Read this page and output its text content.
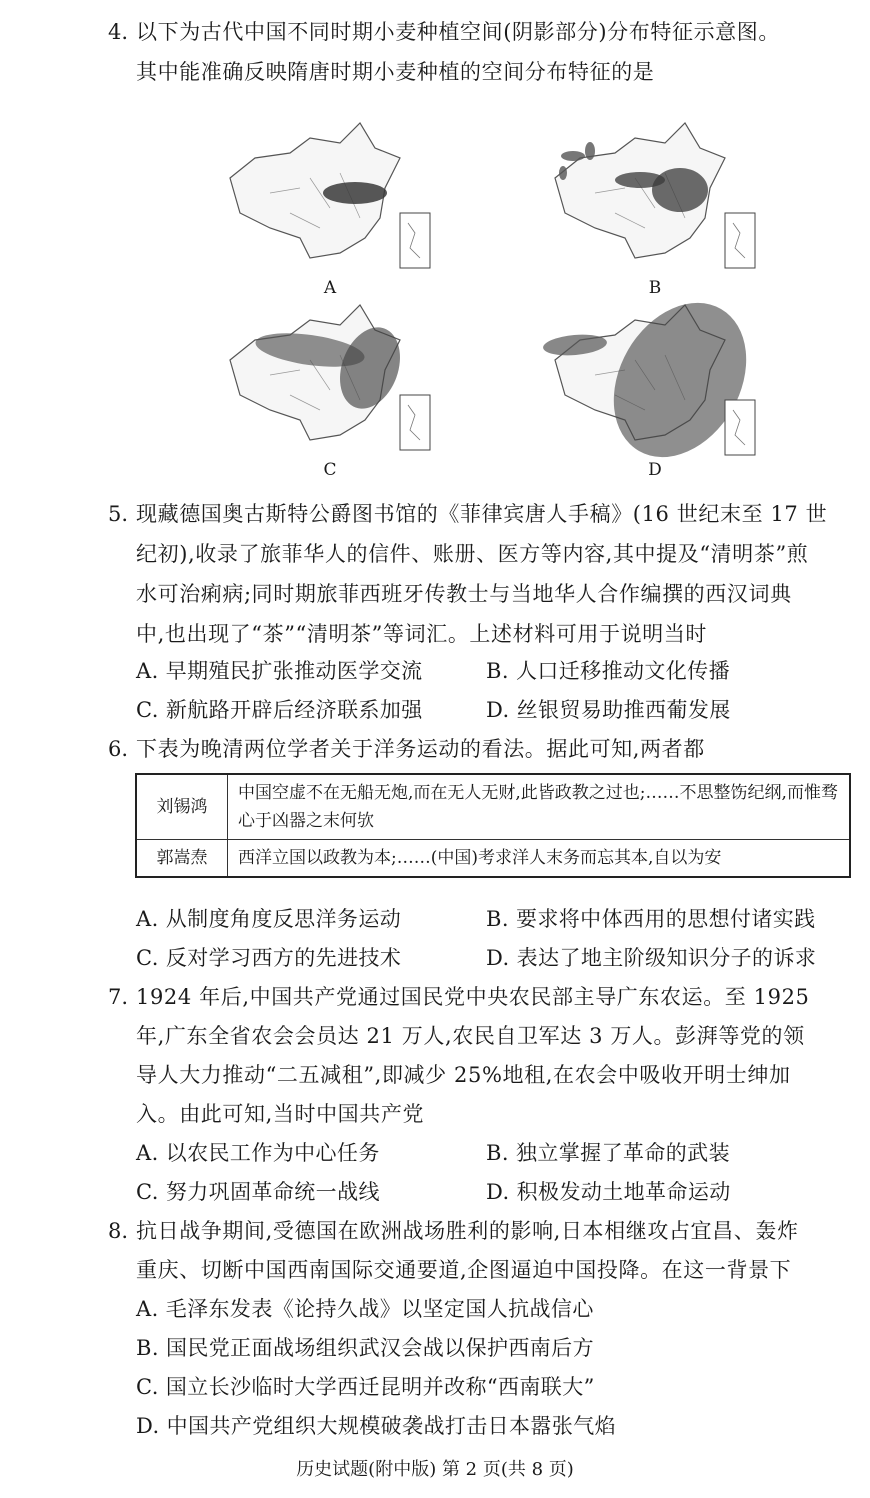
4. 以下为古代中国不同时期小麦种植空间(阴影部分)分布特征示意图。
其中能准确反映隋唐时期小麦种植的空间分布特征的是
A	B
C	D
5. 现藏德国奥古斯特公爵图书馆的《菲律宾唐人手稿》(16 世纪末至 17 世
纪初),收录了旅菲华人的信件、账册、医方等内容,其中提及“清明茶”煎
水可治痢病;同时期旅菲西班牙传教士与当地华人合作编撰的西汉词典
中,也出现了“茶”“清明茶”等词汇。上述材料可用于说明当时
A. 早期殖民扩张推动医学交流	B. 人口迁移推动文化传播
C. 新航路开辟后经济联系加强	D. 丝银贸易助推西葡发展
6. 下表为晚清两位学者关于洋务运动的看法。据此可知,两者都
刘锡鸿	中国空虚不在无船无炮,而在无人无财,此皆政教之过也;……不思整饬纪纲,而惟骛心于凶器之末何欤
郭嵩焘	西洋立国以政教为本;……(中国)考求洋人末务而忘其本,自以为安
A. 从制度角度反思洋务运动	B. 要求将中体西用的思想付诸实践
C. 反对学习西方的先进技术	D. 表达了地主阶级知识分子的诉求
7. 1924 年后,中国共产党通过国民党中央农民部主导广东农运。至 1925
年,广东全省农会会员达 21 万人,农民自卫军达 3 万人。彭湃等党的领
导人大力推动“二五减租”,即减少 25%地租,在农会中吸收开明士绅加
入。由此可知,当时中国共产党
A. 以农民工作为中心任务	B. 独立掌握了革命的武装
C. 努力巩固革命统一战线	D. 积极发动土地革命运动
8. 抗日战争期间,受德国在欧洲战场胜利的影响,日本相继攻占宜昌、轰炸
重庆、切断中国西南国际交通要道,企图逼迫中国投降。在这一背景下
A. 毛泽东发表《论持久战》以坚定国人抗战信心
B. 国民党正面战场组织武汉会战以保护西南后方
C. 国立长沙临时大学西迁昆明并改称“西南联大”
D. 中国共产党组织大规模破袭战打击日本嚣张气焰
历史试题(附中版) 第 2 页(共 8 页)
